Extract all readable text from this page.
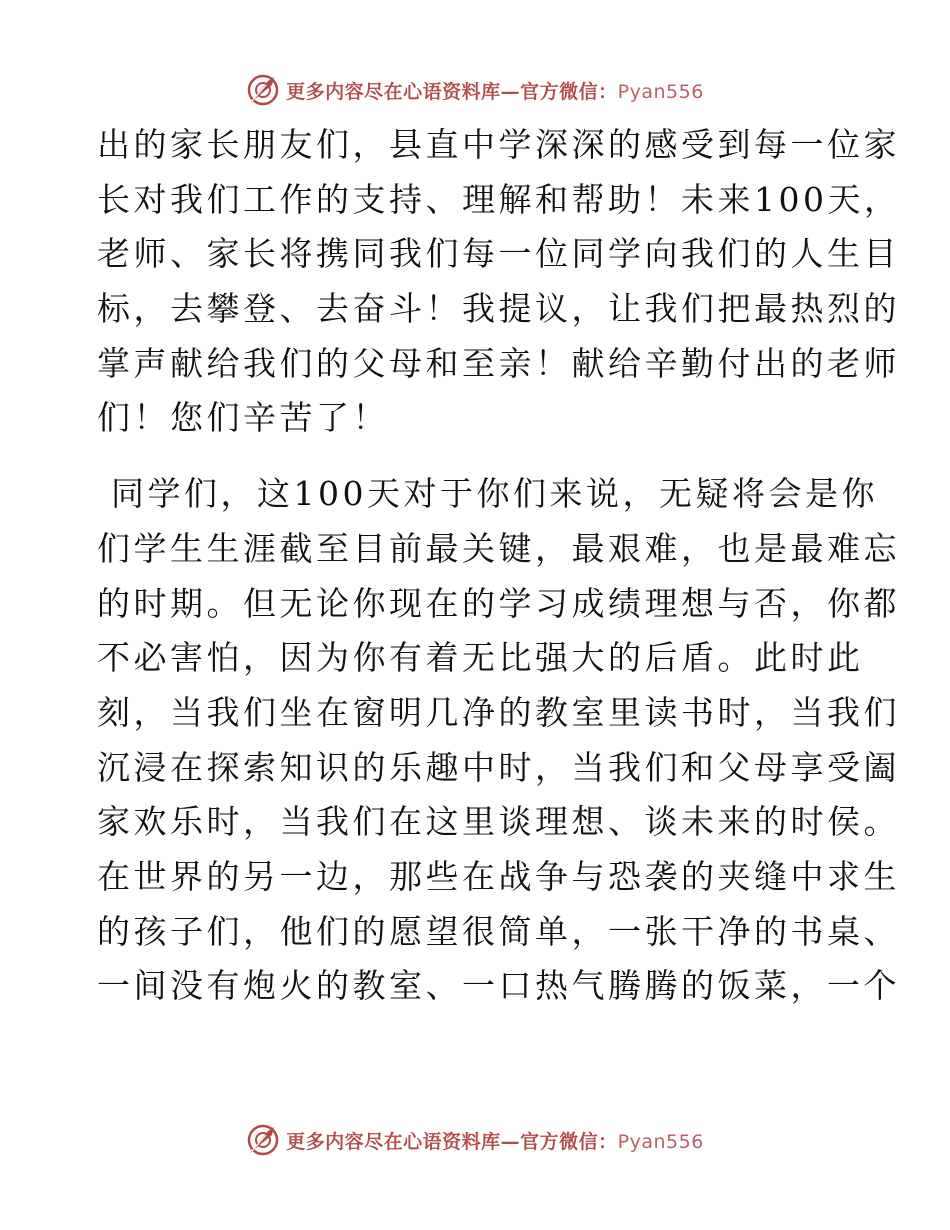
更多内容尽在心语资料库—官方微信：Pyan556
出的家长朋友们，县直中学深深的感受到每一位家
长对我们工作的支持、理解和帮助！未来100天，
老师、家长将携同我们每一位同学向我们的人生目
标，去攀登、去奋斗！我提议，让我们把最热烈的
掌声献给我们的父母和至亲！献给辛勤付出的老师
们！您们辛苦了！
同学们，这100天对于你们来说，无疑将会是你
们学生生涯截至目前最关键，最艰难，也是最难忘
的时期。但无论你现在的学习成绩理想与否，你都
不必害怕，因为你有着无比强大的后盾。此时此
刻，当我们坐在窗明几净的教室里读书时，当我们
沉浸在探索知识的乐趣中时，当我们和父母享受阖
家欢乐时，当我们在这里谈理想、谈未来的时侯。
在世界的另一边，那些在战争与恐袭的夹缝中求生
的孩子们，他们的愿望很简单，一张干净的书桌、
一间没有炮火的教室、一口热气腾腾的饭菜，一个
更多内容尽在心语资料库—官方微信：Pyan556
